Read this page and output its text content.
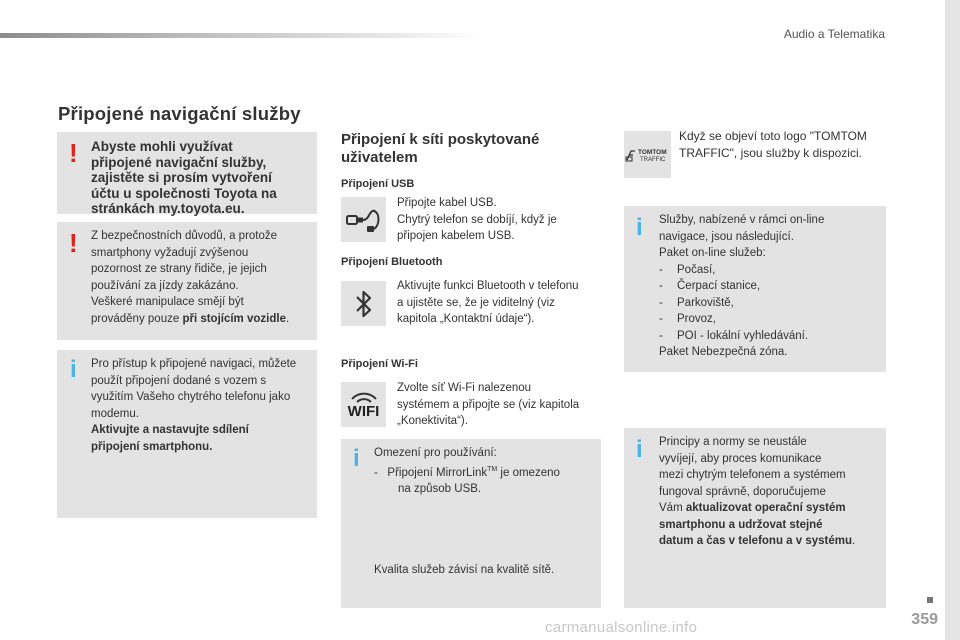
Audio a Telematika
Připojené navigační služby
! Abyste mohli využívat
připojené navigační služby,
zajistěte si prosím vytvoření
účtu u společnosti Toyota na
stránkách my.toyota.eu.
! Z bezpečnostních důvodů, a protože
smartphony vyžadují zvýšenou
pozornost ze strany řidiče, je jejich
používání za jízdy zakázáno.
Veškeré manipulace smějí být
prováděny pouze při stojícím vozidle.
i Pro přístup k připojené navigaci, můžete
použít připojení dodané s vozem s
využitím Vašeho chytrého telefonu jako
modemu.
Aktivujte a nastavujte sdílení
připojení smartphonu.
Připojení k síti poskytované
uživatelem
Připojení USB
Připojte kabel USB.
Chytrý telefon se dobíjí, když je
připojen kabelem USB.
Připojení Bluetooth
Aktivujte funkci Bluetooth v telefonu
a ujistěte se, že je viditelný (viz
kapitola „Kontaktní údaje“).
Připojení Wi-Fi
WIFI
Zvolte síť Wi-Fi nalezenou
systémem a připojte se (viz kapitola
„Konektivita“).
i Omezení pro používání:
-   Připojení MirrorLink™ je omezeno
na způsob USB.
Kvalita služeb závisí na kvalitě sítě.
TOMTOM
TRAFFIC
Když se objeví toto logo "TOMTOM
TRAFFIC", jsou služby k dispozici.
i Služby, nabízené v rámci on-line
navigace, jsou následující.
Paket on-line služeb:
- Počasí,
- Čerpací stanice,
- Parkoviště,
- Provoz,
- POI - lokální vyhledávání.
Paket Nebezpečná zóna.
i Principy a normy se neustále
vyvíjejí, aby proces komunikace
mezi chytrým telefonem a systémem
fungoval správně, doporučujeme
Vám aktualizovat operační systém
smartphonu a udržovat stejné
datum a čas v telefonu a v systému.
359
carmanualsonline.info
